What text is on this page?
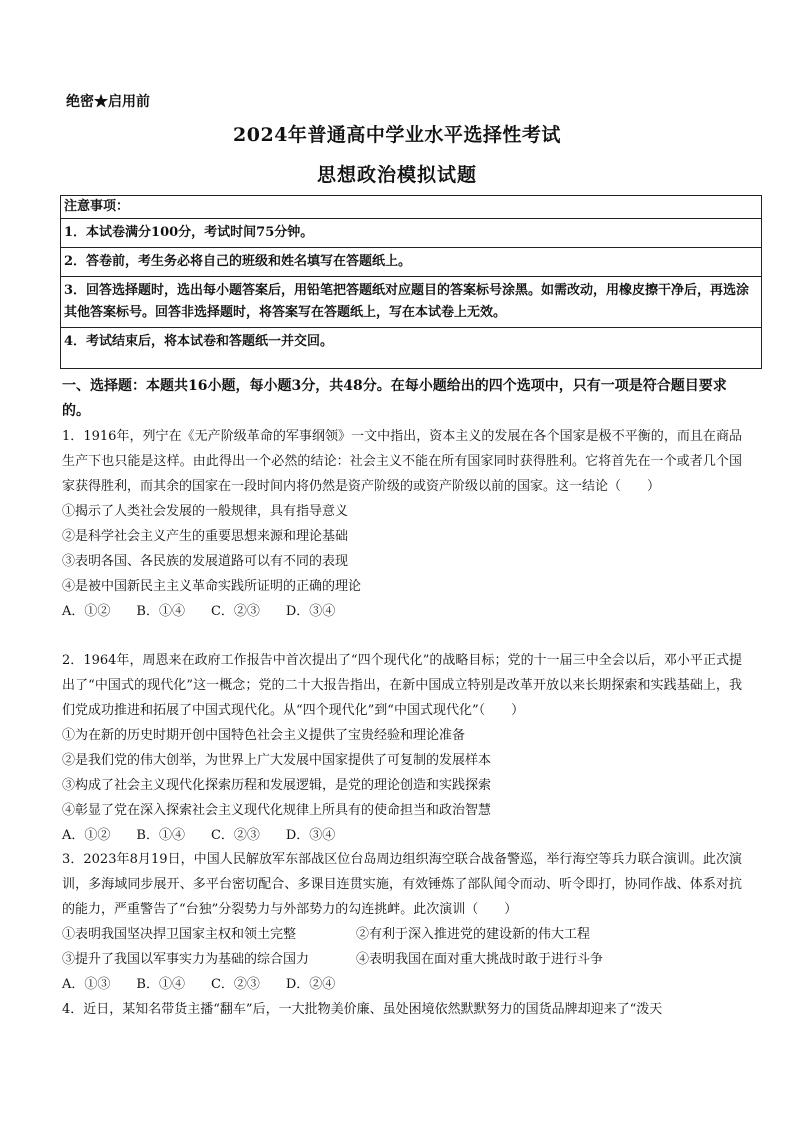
绝密★启用前
2024年普通高中学业水平选择性考试
思想政治模拟试题
注意事项：
1．本试卷满分100分，考试时间75分钟。
2．答卷前，考生务必将自己的班级和姓名填写在答题纸上。
3．回答选择题时，选出每小题答案后，用铅笔把答题纸对应题目的答案标号涂黑。如需改动，用橡皮擦干净后，再选涂其他答案标号。回答非选择题时，将答案写在答题纸上，写在本试卷上无效。
4．考试结束后，将本试卷和答题纸一并交回。
一、选择题：本题共16小题，每小题3分，共48分。在每小题给出的四个选项中，只有一项是符合题目要求的。
1．1916年，列宁在《无产阶级革命的军事纲领》一文中指出，资本主义的发展在各个国家是极不平衡的，而且在商品生产下也只能是这样。由此得出一个必然的结论：社会主义不能在所有国家同时获得胜利。它将首先在一个或者几个国家获得胜利，而其余的国家在一段时间内将仍然是资产阶级的或资产阶级以前的国家。这一结论（　　）
①揭示了人类社会发展的一般规律，具有指导意义
②是科学社会主义产生的重要思想来源和理论基础
③表明各国、各民族的发展道路可以有不同的表现
④是被中国新民主主义革命实践所证明的正确的理论
A．①②　　B．①④　　C．②③　　D．③④
2．1964年，周恩来在政府工作报告中首次提出了“四个现代化”的战略目标；党的十一届三中全会以后，邓小平正式提出了“中国式的现代化”这一概念；党的二十大报告指出，在新中国成立特别是改革开放以来长期探索和实践基础上，我们党成功推进和拓展了中国式现代化。从“四个现代化”到“中国式现代化”（　　）
①为在新的历史时期开创中国特色社会主义提供了宝贵经验和理论准备
②是我们党的伟大创举，为世界上广大发展中国家提供了可复制的发展样本
③构成了社会主义现代化探索历程和发展逻辑，是党的理论创造和实践探索
④彰显了党在深入探索社会主义现代化规律上所具有的使命担当和政治智慧
A．①②　　B．①④　　C．②③　　D．③④
3．2023年8月19日，中国人民解放军东部战区位台岛周边组织海空联合战备警巡，举行海空等兵力联合演训。此次演训，多海域同步展开、多平台密切配合、多课目连贯实施，有效锤炼了部队闻令而动、听令即打，协同作战、体系对抗的能力，严重警告了“台独”分裂势力与外部势力的勾连挑衅。此次演训（　　）
①表明我国坚决捍卫国家主权和领土完整	②有利于深入推进党的建设新的伟大工程
③提升了我国以军事实力为基础的综合国力	④表明我国在面对重大挑战时敢于进行斗争
A．①③　　B．①④　　C．②③　　D．②④
4．近日，某知名带货主播“翻车”后，一大批物美价廉、虽处困境依然默默努力的国货品牌却迎来了“泼天
